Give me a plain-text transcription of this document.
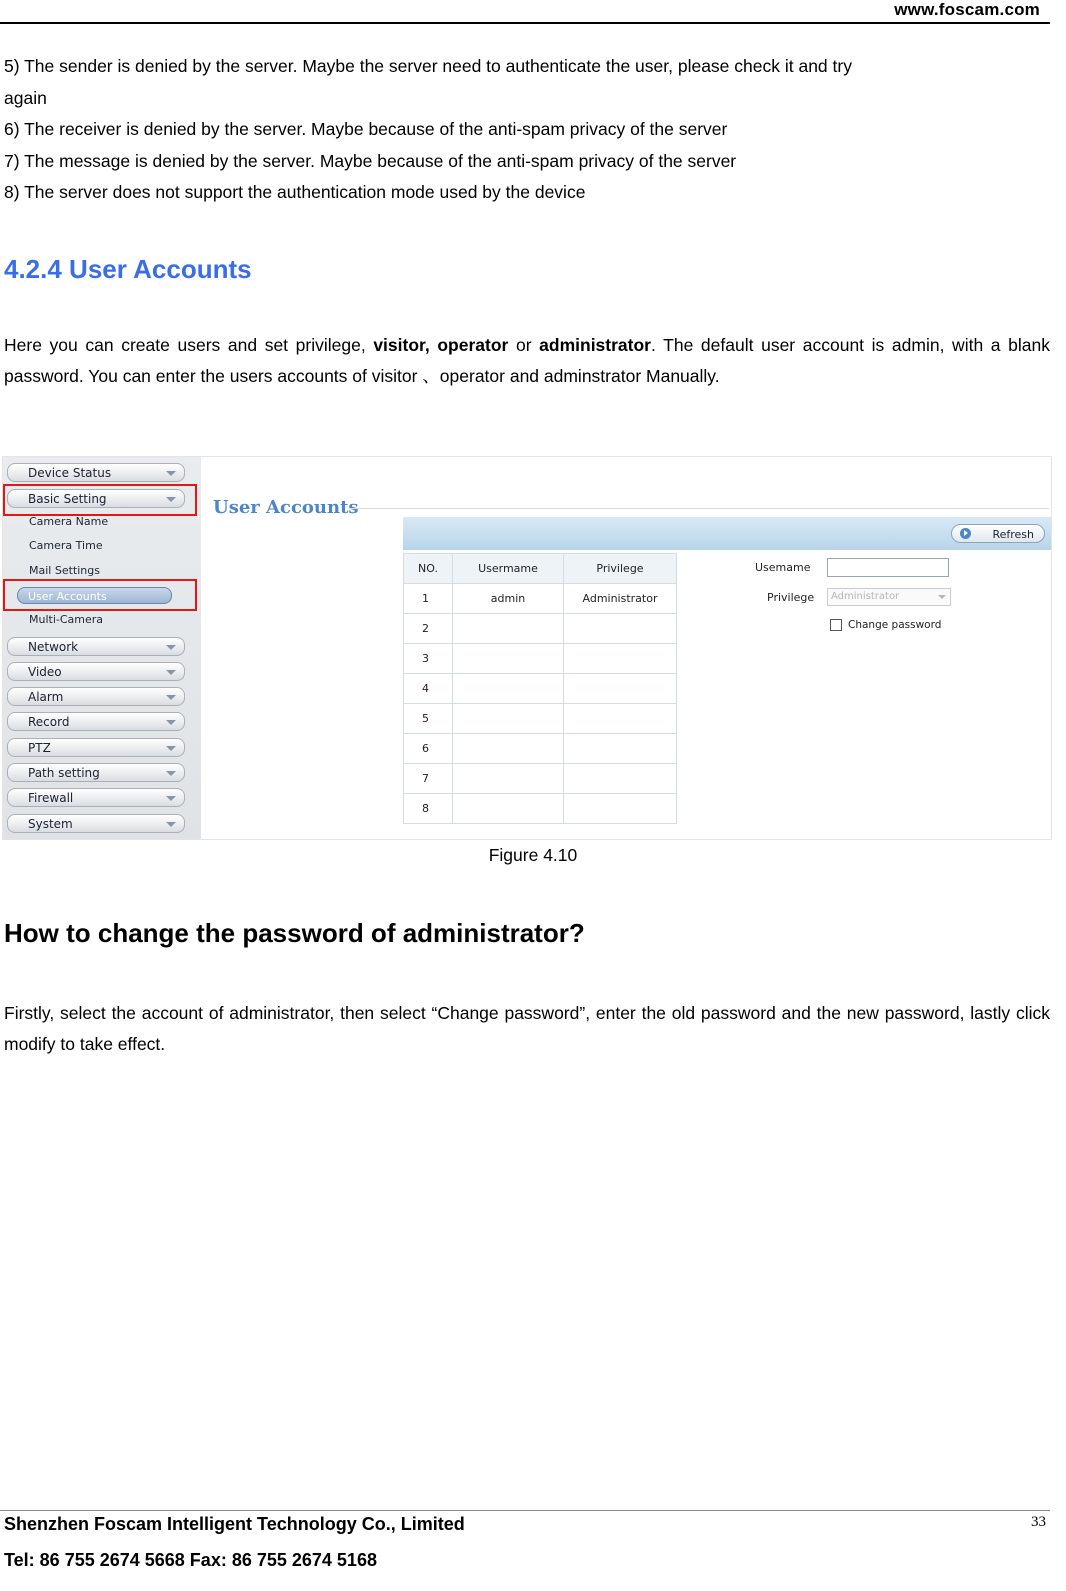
www.foscam.com
5) The sender is denied by the server. Maybe the server need to authenticate the user, please check it and try
again
6) The receiver is denied by the server. Maybe because of the anti-spam privacy of the server
7) The message is denied by the server. Maybe because of the anti-spam privacy of the server
8) The server does not support the authentication mode used by the device
4.2.4 User Accounts
Here you can create users and set privilege, visitor, operator or administrator. The default user account is admin, with a blank password. You can enter the users accounts of visitor 、operator and adminstrator Manually.
Device Status
Basic Setting
Camera Name
Camera Time
Mail Settings
User Accounts
Multi-Camera
Network
Video
Alarm
Record
PTZ
Path setting
Firewall
System
User Accounts
Refresh
NO.	Usermame	Privilege
1	admin	Administrator
2		
3		
4		
5		
6		
7		
8		
Usemame
Privilege	Administrator
Change password
Figure 4.10
How to change the password of administrator?
Firstly, select the account of administrator, then select “Change password”, enter the old password and the new password, lastly click modify to take effect.
Shenzhen Foscam Intelligent Technology Co., Limited
Tel: 86 755 2674 5668 Fax: 86 755 2674 5168
33
